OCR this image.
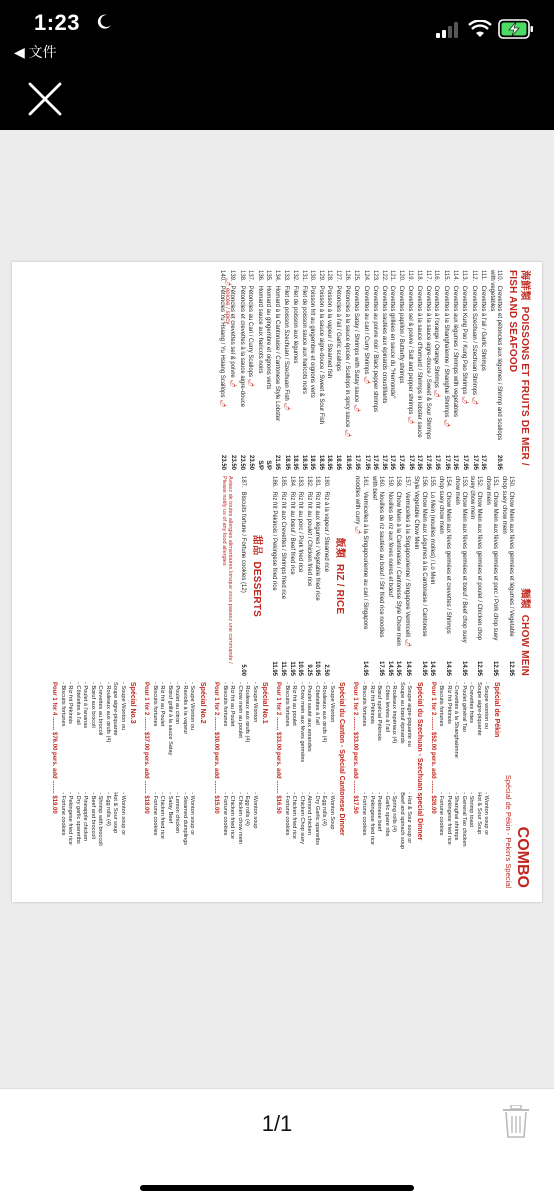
1:23
◀ 文件
海鮮類 POISSONS ET FRUITS DE MER / FISH AND SEAFOOD
110. Crevettes et pétoncles aux légumes / Shrimp and scallops with vegetables
20.95
111. Crevettes à l'ail / Garlic Shrimps
17.95
112. Crevettes Szechuan / Szechuan Shrimps 🌶
17.95
113. Crevettes Kung Pao / Kung Pao Shrimps 🌶
17.95
114. Crevettes aux légumes / Shrimps with vegetables
17.95
115. Crevettes à la Shanghaïenne / Shanghai Shrimps 🌶
17.95
116. Crevettes à l'orange / Orange Shrimps 🌶
17.95
117. Crevettes à la sauce aigre-douce / Sweet & Sour Shrimps
17.95
118. Crevettes à la sauce d'homard / Shrimps in lobster sauce
17.95
119. Crevettes sel & poivre / Salt and pepper shrimps 🌶
17.95
120. Crevettes papillon / Butterfly shrimps
17.95
121. Crevettes grillées en sauce du "Hemonde"
17.95
122. Crevettes sautées aux épinards croustillants
17.95
123. Crevettes au poivre noir / Black pepper shrimps
17.95
124. Crevettes au cari / Curry Shrimps 🌶
17.95
125. Crevettes Satay / Shrimps with Satay sauce 🌶
17.95
126. Pétoncles à la sauce épicée / Scallops in spicy sauce 🌶
18.95
127. Pétoncles à l'ail / Garlic scallops
18.95
128. Poisson à la vapeur / Steamed fish
18.95
129. Poisson à la sauce aigre-douce / Sweet & Sour Fish
18.95
130. Poisson frit au gingembre et oignons verts
18.95
131. Filet de poisson sauce aux haricots noirs
18.95
132. Filet de poisson aux légumes
18.95
133. Filet de poisson Szechuan / Szechuan Fish 🌶
18.95
134. Homard à la Cantonaise / Cantonese Style Lobster
21.95
135. Homard au gingembre et oignons verts
S/P
136. Homard sauce aux haricots noirs
S/P
137. Pétoncles au Cari / Curry Scallops 🌶
23.50
138. Pétoncles et crevettes à la sauce aigre-douce
23.50
139. Pétoncles et crevettes sel & poivre 🌶
23.50
140. Pétoncles Yu Hsiang / Yu Hsiang Scallops 🌶
23.50
🌶 épicée / spicy
麵類 CHOW MEIN
150. Chow Mein aux fèves germées et légumes / Vegetable chop suey chow mein
12.95
151. Chow Mein aux fèves germées et porc / Pork chop suey chow mein
12.95
152. Chow Mein aux fèves germées et poulet / Chicken chop suey chow mein
12.95
153. Chow Mein aux fèves germées et bœuf / Beef chop suey chow mein
14.95
154. Chow Mein aux fèves germées et crevettes / Shrimps chop suey chow mein
14.95
155. Lo Mein (nouilles molles) / Lo Mein
14.95
156. Chow Mein aux Légumes à la Cantonaise / Cantonese Style Vegetable Chow Mein
14.95
157. Vermicelles à la Singapourienne / Singapore Vermicelli 🌶
14.95
158. Chow Mein à la Cantonaise / Cantonese Style Chow mein
14.95
159. Nouilles de riz aux fèves noires et bœuf
14.95
160. Nouilles de riz sautées au bœuf / Stir fried rice noodles with beef
17.95
161. Vermicelles à la Singapourienne au cari / Singapore noodles with curry 🌶
14.95
飯類 RIZ / RICE
180. Riz à la vapeur / Steamed rice
2.50
181. Riz frit aux légumes / Vegetable fried rice
10.95
182. Riz frit au poulet / Chicken fried rice
9.25
183. Riz frit au porc / Pork fried rice
10.95
184. Riz frit au bœuf / Beef fried rice
11.95
185. Riz frit aux Crevettes / Shrimps fried rice
11.95
186. Riz frit Pékinois / Pekingese fried rice
11.95
甜品 DESSERTS
187. Biscuits fortune / Fortune cookies (12)
5.00
Avisez de toutes allergies alimentaires lorsque vous passez une commande / Please notify us of any food allergies
COMBO
Spécial de Pékin - Pekin's Special
Spécial de Pékin
- Soupe wonton ou
- Wonton soup or
Soupe aigre-piquante
Hot & Sour Soup
- Crevettes frites
- Shrimp toast
- Poulet général Tao
- General Tao chicken
- Crevettes à la Shanghaïenne
- Shanghai shrimps
- Riz frit Pékinois
- Pekingese fried rice
- Biscuits fortunes
- Fortune cookies
Pour 1 for 2 ........ $52.00 pers. add ........ $26.00
Spécial du Szechuan - Szechuan special Dinner
- Soupe aigre-piquante ou
- Hot & Sour soup or
Soupe au bœuf épinards
Beef and spinach soup
- Rouleaux impériaux (4)
- Spring rolls (4)
- Côtes levées à l'ail
- Garlic spare ribs
- Bœuf spécial Pékinois
- Pekinese beef
- Riz frit Pékinois
- Pekingese fried rice
- Biscuits fortunes
- Fortune cookies
Pour 1 for 2 ........ $33.00 pers. add ........ $17.50
Spécial du Canton - Spécial Cantonese Dinner
- Soupe Wonton
- Wonton Soup
- Rouleaux aux œufs (4)
- Egg rolls (4)
- Côtelettes à l'ail
- Dry Garlic spareribs
- Poulet sauté aux amandes
- Almond chicken
- Chow mein aux fèves germées
- Chicken Chop suey
- Riz frit au poulet
- Chicken fried rice
- Biscuits fortunes
- Fortune cookies
Pour 1 for 2 ........ $33.00 pers. add ........ $16.50
Spécial No.1
- Soupe Wonton
- Wonton soup
- Rouleaux aux œufs (4)
- Egg rolls (4)
- Chow mein au poulet
- Chicken chow mein
- Riz frit au Poulet
- Chicken fried rice
- Biscuits fortunes
- Fortune cookies
Pour 1 for 2 ........ $30.00 pers. add ........ $15.00
Spécial No.2
- Soupe Wonton ou
- Wonton soup or
- Raviolis à la vapeur
- Steamed dumplings
- Poulet au citron
- Lemon chicken
- Bœuf grillé à la sauce Satay
- Satay Beef
- Riz frit au Poulet
- Chicken fried rice
- Biscuits fortunes
- Fortune cookies
Pour 1 for 2 ........ $37.00 pers. add ........ $18.00
Spécial No.3
- Soupe Wonton ou
- Wonton soup or
Soupe aigre-piquante
Hot & Sour soup
- Rouleaux aux œufs (4)
- Egg rolls (4)
- Crevettes au brocoli
- Shrimp with broccoli
- Bœuf aux brocoli
- Beef and broccoli
- Poulet à l'ananas
- Pineapple chicken
- Côtelettes à l'ail
- Dry garlic spareribs
- Riz frit Pékinois
- Pekingese fried rice
- Biscuits fortunes
- Fortune cookies
Pour 1 for 4 ........ $76.00 pers. add ........ $19.00
1/1
